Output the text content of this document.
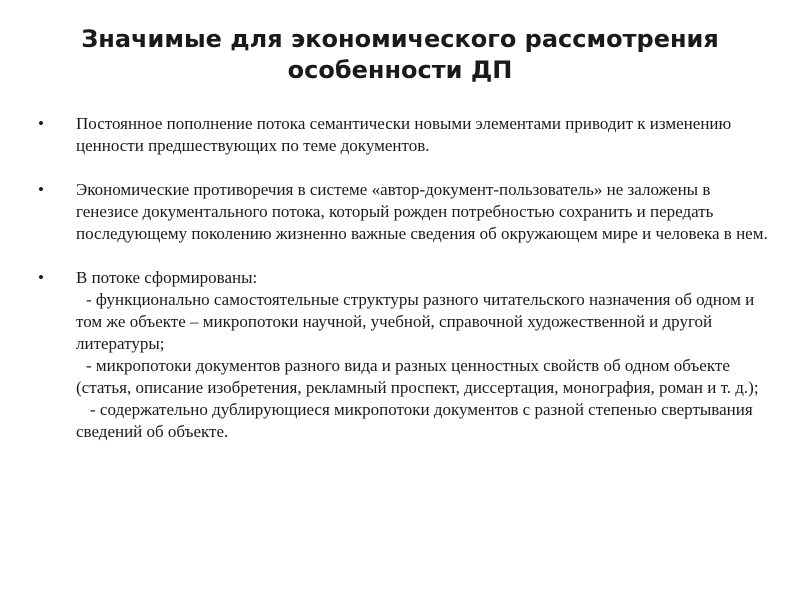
Значимые для экономического рассмотрения
особенности ДП
• Постоянное пополнение потока семантически новыми элементами приводит к изменению ценности предшествующих по теме документов.

• Экономические противоречия в системе «автор-документ-пользователь» не заложены в генезисе документального потока, который рожден потребностью сохранить и передать последующему поколению жизненно важные сведения об окружающем мире и человека в нем.

• В потоке сформированы:

- функционально самостоятельные структуры разного читательского назначения об одном и том же объекте – микропотоки научной, учебной, справочной художественной и другой литературы;

- микропотоки документов разного вида и разных ценностных свойств об одном объекте (статья, описание изобретения, рекламный проспект, диссертация, монография, роман и т. д.);

- содержательно дублирующиеся микропотоки документов с разной степенью свертывания сведений об объекте.
